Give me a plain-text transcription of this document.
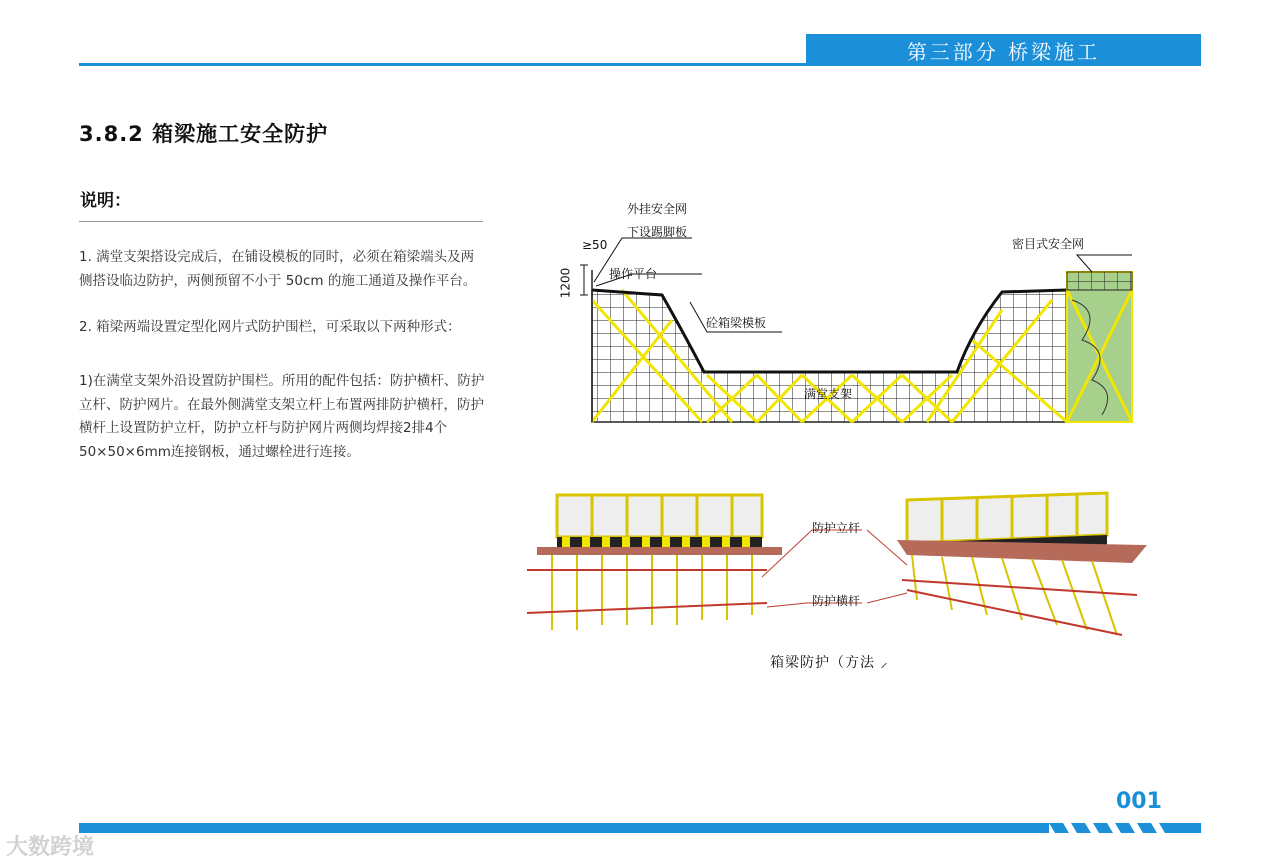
第三部分 桥梁施工
3.8.2 箱梁施工安全防护
说明：
1. 满堂支架搭设完成后，在铺设模板的同时，必须在箱梁端头及两侧搭设临边防护，两侧预留不小于 50cm 的施工通道及操作平台。
2. 箱梁两端设置定型化网片式防护围栏，可采取以下两种形式：
1)在满堂支架外沿设置防护围栏。所用的配件包括：防护横杆、防护立杆、防护网片。在最外侧满堂支架立杆上布置两排防护横杆，防护横杆上设置防护立杆，防护立杆与防护网片两侧均焊接2排4个50×50×6mm连接钢板，通过螺栓进行连接。
外挂安全网
下设踢脚板
≥50
1200	操作平台
砼箱梁模板
密目式安全网
满堂支架
防护立杆
防护横杆
箱梁防护（方法 ⸝
001
大数跨境
